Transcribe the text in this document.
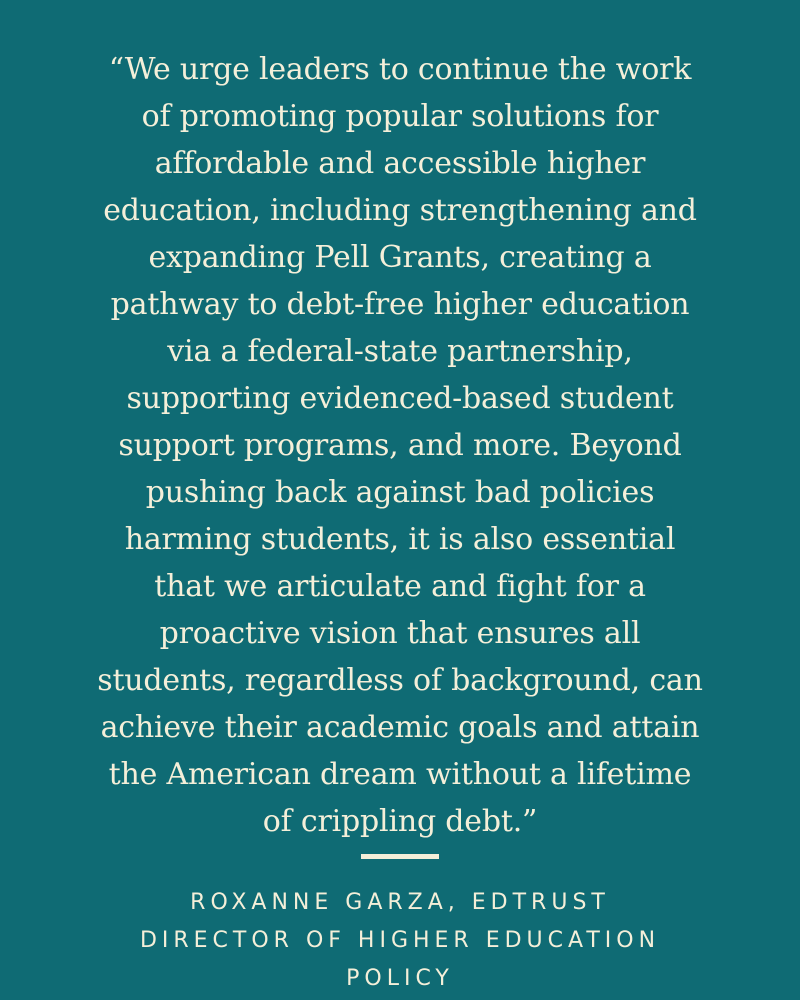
“We urge leaders to continue the work
of promoting popular solutions for
affordable and accessible higher
education, including strengthening and
expanding Pell Grants, creating a
pathway to debt-free higher education
via a federal-state partnership,
supporting evidenced-based student
support programs, and more. Beyond
pushing back against bad policies
harming students, it is also essential
that we articulate and fight for a
proactive vision that ensures all
students, regardless of background, can
achieve their academic goals and attain
the American dream without a lifetime
of crippling debt.”
ROXANNE GARZA, EDTRUST
DIRECTOR OF HIGHER EDUCATION
POLICY
